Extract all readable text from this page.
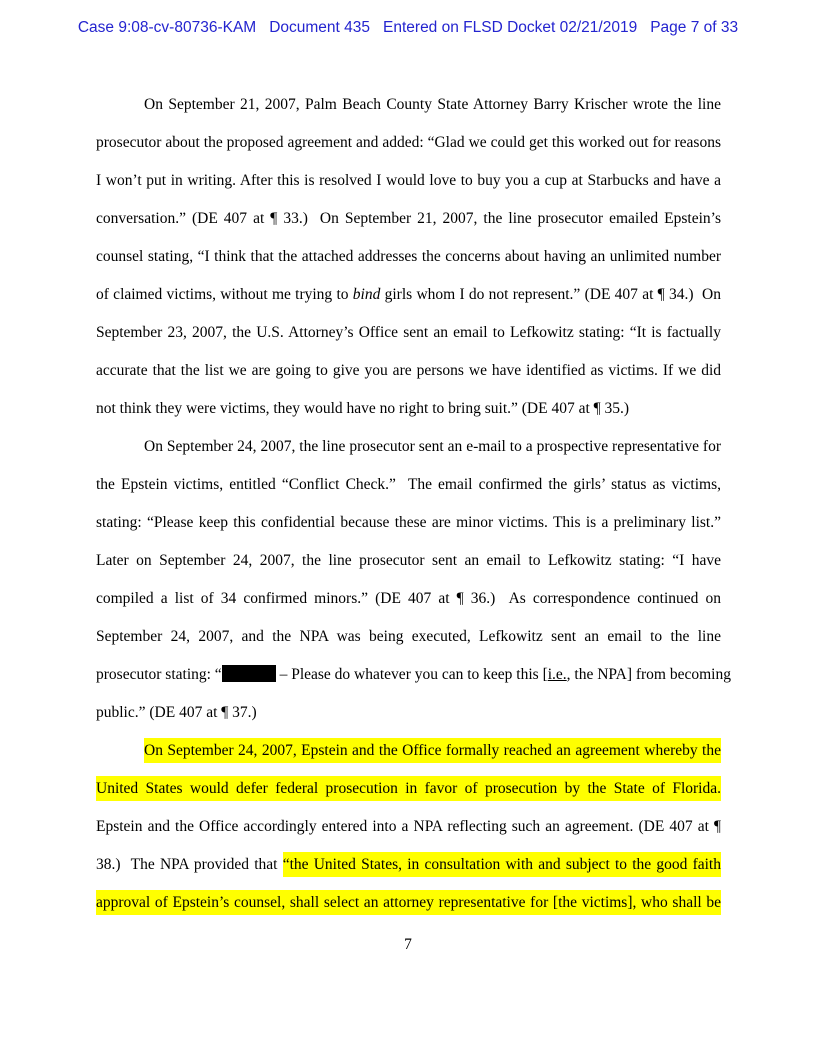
Case 9:08-cv-80736-KAM Document 435 Entered on FLSD Docket 02/21/2019 Page 7 of 33
On September 21, 2007, Palm Beach County State Attorney Barry Krischer wrote the line
prosecutor about the proposed agreement and added: “Glad we could get this worked out for reasons
I won’t put in writing. After this is resolved I would love to buy you a cup at Starbucks and have a
conversation.” (DE 407 at ¶ 33.)  On September 21, 2007, the line prosecutor emailed Epstein’s
counsel stating, “I think that the attached addresses the concerns about having an unlimited number
of claimed victims, without me trying to bind girls whom I do not represent.” (DE 407 at ¶ 34.)  On
September 23, 2007, the U.S. Attorney’s Office sent an email to Lefkowitz stating: “It is factually
accurate that the list we are going to give you are persons we have identified as victims. If we did
not think they were victims, they would have no right to bring suit.” (DE 407 at ¶ 35.)
On September 24, 2007, the line prosecutor sent an e-mail to a prospective representative for
the Epstein victims, entitled “Conflict Check.”  The email confirmed the girls’ status as victims,
stating: “Please keep this confidential because these are minor victims. This is a preliminary list.”
Later on September 24, 2007, the line prosecutor sent an email to Lefkowitz stating: “I have
compiled a list of 34 confirmed minors.” (DE 407 at ¶ 36.)  As correspondence continued on
September 24, 2007, and the NPA was being executed, Lefkowitz sent an email to the line
prosecutor stating: “	– Please do whatever you can to keep this [i.e., the NPA] from becoming
public.” (DE 407 at ¶ 37.)
On September 24, 2007, Epstein and the Office formally reached an agreement whereby the
United States would defer federal prosecution in favor of prosecution by the State of Florida.
Epstein and the Office accordingly entered into a NPA reflecting such an agreement. (DE 407 at ¶
38.)  The NPA provided that “the United States, in consultation with and subject to the good faith
approval of Epstein’s counsel, shall select an attorney representative for [the victims], who shall be
7
